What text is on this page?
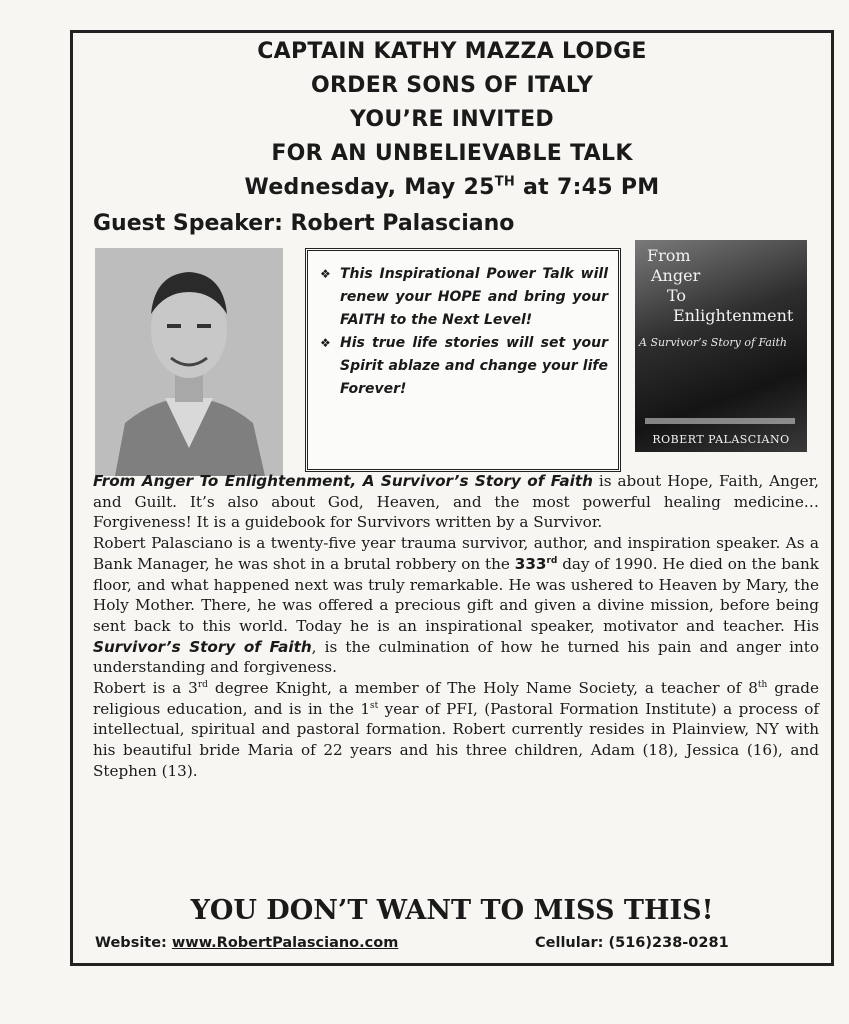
CAPTAIN KATHY MAZZA LODGE
ORDER SONS OF ITALY
YOU’RE INVITED
FOR AN UNBELIEVABLE TALK
Wednesday, May 25TH at 7:45 PM
Guest Speaker: Robert Palasciano
❖ This Inspirational Power Talk will renew your HOPE and bring your FAITH to the Next Level!
❖ His true life stories will set your Spirit ablaze and change your life Forever!
From
Anger
To
Enlightenment
A Survivor’s Story of Faith
ROBERT PALASCIANO

From Anger To Enlightenment, A Survivor’s Story of Faith is about Hope, Faith, Anger, and Guilt. It’s also about God, Heaven, and the most powerful healing medicine…Forgiveness! It is a guidebook for Survivors written by a Survivor.

Robert Palasciano is a twenty-five year trauma survivor, author, and inspiration speaker. As a Bank Manager, he was shot in a brutal robbery on the 333rd day of 1990. He died on the bank floor, and what happened next was truly remarkable. He was ushered to Heaven by Mary, the Holy Mother. There, he was offered a precious gift and given a divine mission, before being sent back to this world. Today he is an inspirational speaker, motivator and teacher. His Survivor’s Story of Faith, is the culmination of how he turned his pain and anger into understanding and forgiveness.

Robert is a 3rd degree Knight, a member of The Holy Name Society, a teacher of 8th grade religious education, and is in the 1st year of PFI, (Pastoral Formation Institute) a process of intellectual, spiritual and pastoral formation. Robert currently resides in Plainview, NY with his beautiful bride Maria of 22 years and his three children, Adam (18), Jessica (16), and Stephen (13).

YOU DON’T WANT TO MISS THIS!
Website: www.RobertPalasciano.com	Cellular: (516)238-0281
